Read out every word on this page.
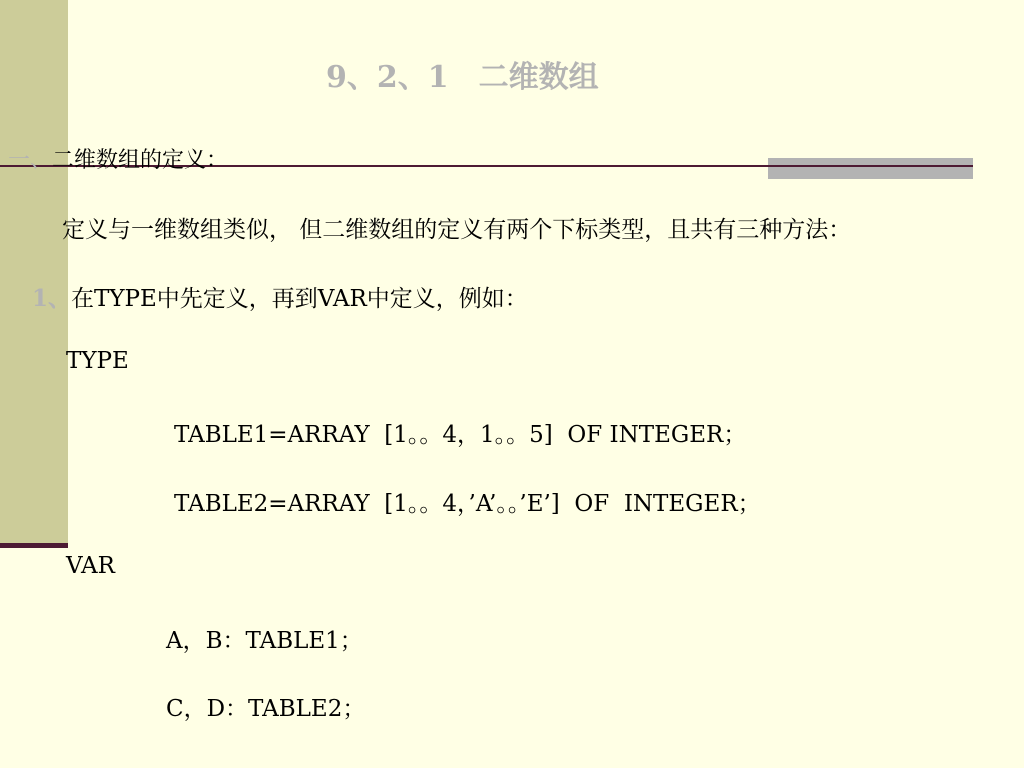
9、2、1　二维数组
一、二维数组的定义：
定义与一维数组类似， 但二维数组的定义有两个下标类型，且共有三种方法：
1、在TYPE中先定义，再到VAR中定义，例如：
TYPE
TABLE1=ARRAY  [1。。4，1。。5]  OF INTEGER；
TABLE2=ARRAY  [1。。4，’A’。。’E’]  OF  INTEGER；
VAR
A，B：TABLE1；
C，D：TABLE2；
